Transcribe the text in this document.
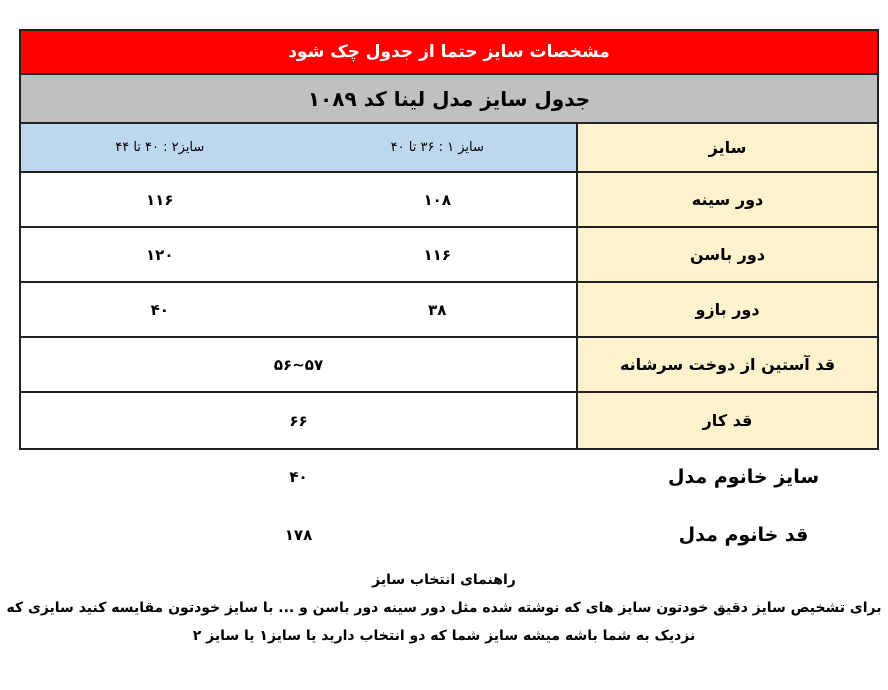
مشخصات سایز حتما از جدول چک شود
جدول سایز مدل لینا کد ۱۰۸۹
سایز
سایز ۱ : ۳۶ تا ۴۰
سایز۲ : ۴۰ تا ۴۴
دور سینه
۱۰۸
۱۱۶
دور باسن
۱۱۶
۱۲۰
دور بازو
۳۸
۴۰
قد آستین از دوخت سرشانه
۵۷~۵۶
قد کار
۶۶
سایز خانوم مدل
۴۰
قد خانوم مدل
۱۷۸
راهنمای انتخاب سایز
برای تشخیص سایز دقیق خودتون سایز های که نوشته شده مثل دور سینه دور باسن و ... با سایز خودتون مقایسه کنید سایزی که
نزدیک به شما باشه میشه سایز شما که دو انتخاب دارید یا سایز۱ یا سایز ۲
